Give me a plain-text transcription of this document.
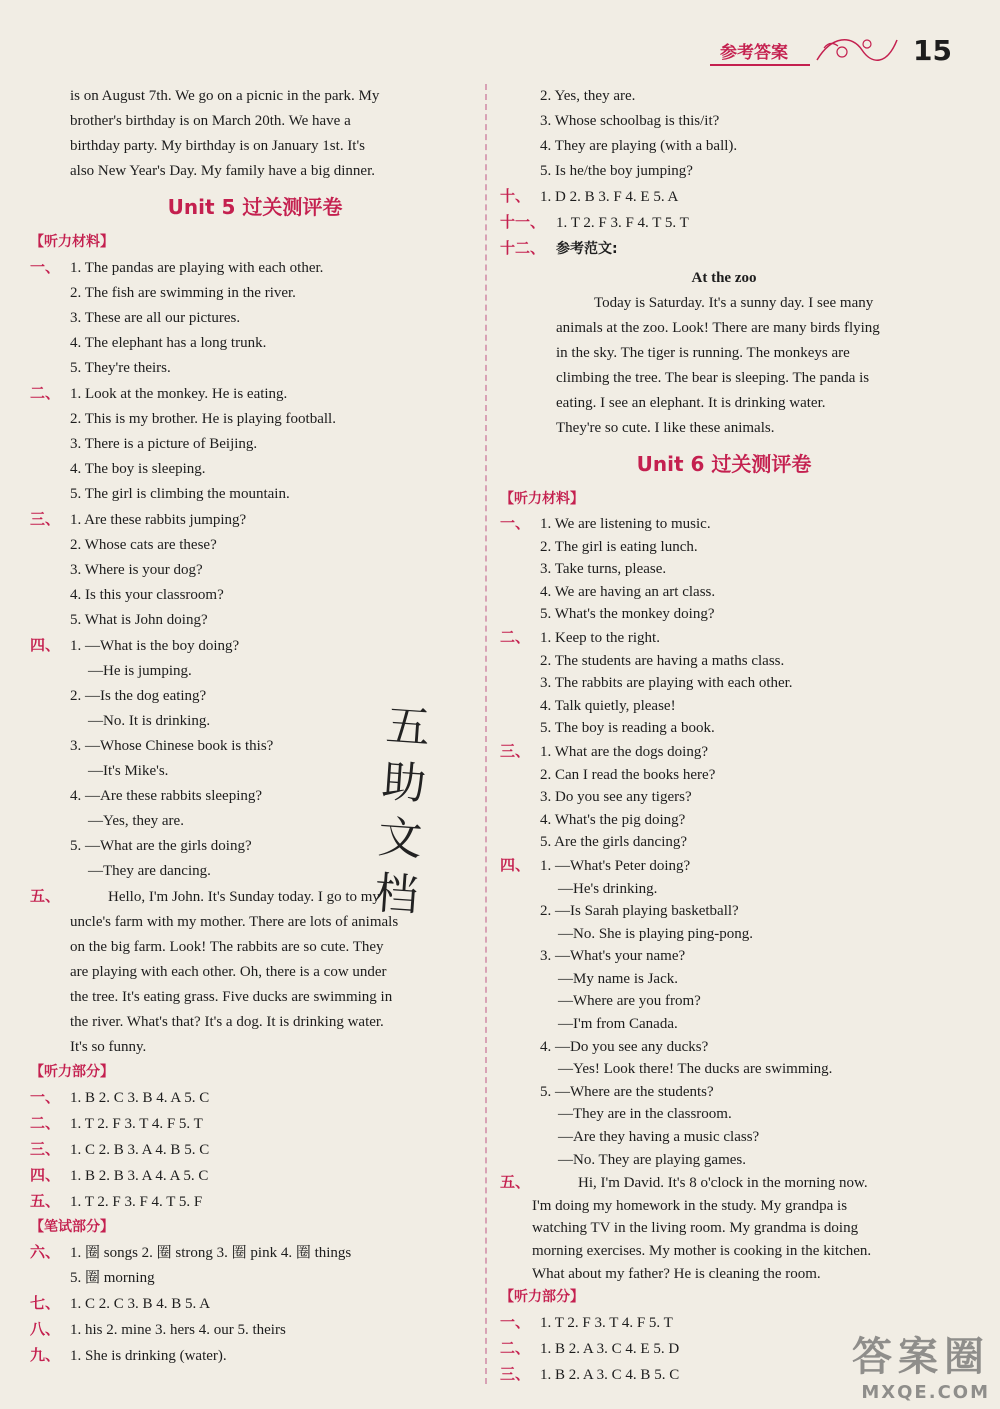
参考答案	15
is on August 7th. We go on a picnic in the park. My
brother's birthday is on March 20th. We have a
birthday party. My birthday is on January 1st. It's
also New Year's Day. My family have a big dinner.
Unit 5 过关测评卷
【听力材料】
一、 1. The pandas are playing with each other.
2. The fish are swimming in the river.
3. These are all our pictures.
4. The elephant has a long trunk.
5. They're theirs.
二、 1. Look at the monkey. He is eating.
2. This is my brother. He is playing football.
3. There is a picture of Beijing.
4. The boy is sleeping.
5. The girl is climbing the mountain.
三、 1. Are these rabbits jumping?
2. Whose cats are these?
3. Where is your dog?
4. Is this your classroom?
5. What is John doing?
四、 1. —What is the boy doing?
—He is jumping.
2. —Is the dog eating?
—No. It is drinking.
3. —Whose Chinese book is this?
—It's Mike's.
4. —Are these rabbits sleeping?
—Yes, they are.
5. —What are the girls doing?
—They are dancing.
五、	Hello, I'm John. It's Sunday today. I go to my
uncle's farm with my mother. There are lots of animals
on the big farm. Look! The rabbits are so cute. They
are playing with each other. Oh, there is a cow under
the tree. It's eating grass. Five ducks are swimming in
the river. What's that? It's a dog. It is drinking water.
It's so funny.
【听力部分】
一、 1. B 2. C 3. B 4. A 5. C
二、 1. T 2. F 3. T 4. F 5. T
三、 1. C 2. B 3. A 4. B 5. C
四、 1. B 2. B 3. A 4. A 5. C
五、 1. T 2. F 3. F 4. T 5. F
【笔试部分】
六、 1. 圈 songs 2. 圈 strong 3. 圈 pink 4. 圈 things
5. 圈 morning
七、 1. C 2. C 3. B 4. B 5. A
八、 1. his 2. mine 3. hers 4. our 5. theirs
九、 1. She is drinking (water).
2. Yes, they are.
3. Whose schoolbag is this/it?
4. They are playing (with a ball).
5. Is he/the boy jumping?
十、 1. D 2. B 3. F 4. E 5. A
十一、 1. T 2. F 3. F 4. T 5. T
十二、 参考范文:
At the zoo
Today is Saturday. It's a sunny day. I see many
animals at the zoo. Look! There are many birds flying
in the sky. The tiger is running. The monkeys are
climbing the tree. The bear is sleeping. The panda is
eating. I see an elephant. It is drinking water.
They're so cute. I like these animals.
Unit 6 过关测评卷
【听力材料】
一、 1. We are listening to music.
2. The girl is eating lunch.
3. Take turns, please.
4. We are having an art class.
5. What's the monkey doing?
二、 1. Keep to the right.
2. The students are having a maths class.
3. The rabbits are playing with each other.
4. Talk quietly, please!
5. The boy is reading a book.
三、 1. What are the dogs doing?
2. Can I read the books here?
3. Do you see any tigers?
4. What's the pig doing?
5. Are the girls dancing?
四、 1. —What's Peter doing?
—He's drinking.
2. —Is Sarah playing basketball?
—No. She is playing ping-pong.
3. —What's your name?
—My name is Jack.
—Where are you from?
—I'm from Canada.
4. —Do you see any ducks?
—Yes! Look there! The ducks are swimming.
5. —Where are the students?
—They are in the classroom.
—Are they having a music class?
—No. They are playing games.
五、	Hi, I'm David. It's 8 o'clock in the morning now.
I'm doing my homework in the study. My grandpa is
watching TV in the living room. My grandma is doing
morning exercises. My mother is cooking in the kitchen.
What about my father? He is cleaning the room.
【听力部分】
一、 1. T 2. F 3. T 4. F 5. T
二、 1. B 2. A 3. C 4. E 5. D
三、 1. B 2. A 3. C 4. B 5. C
五
助
文
档
答案圈
MXQE.COM
